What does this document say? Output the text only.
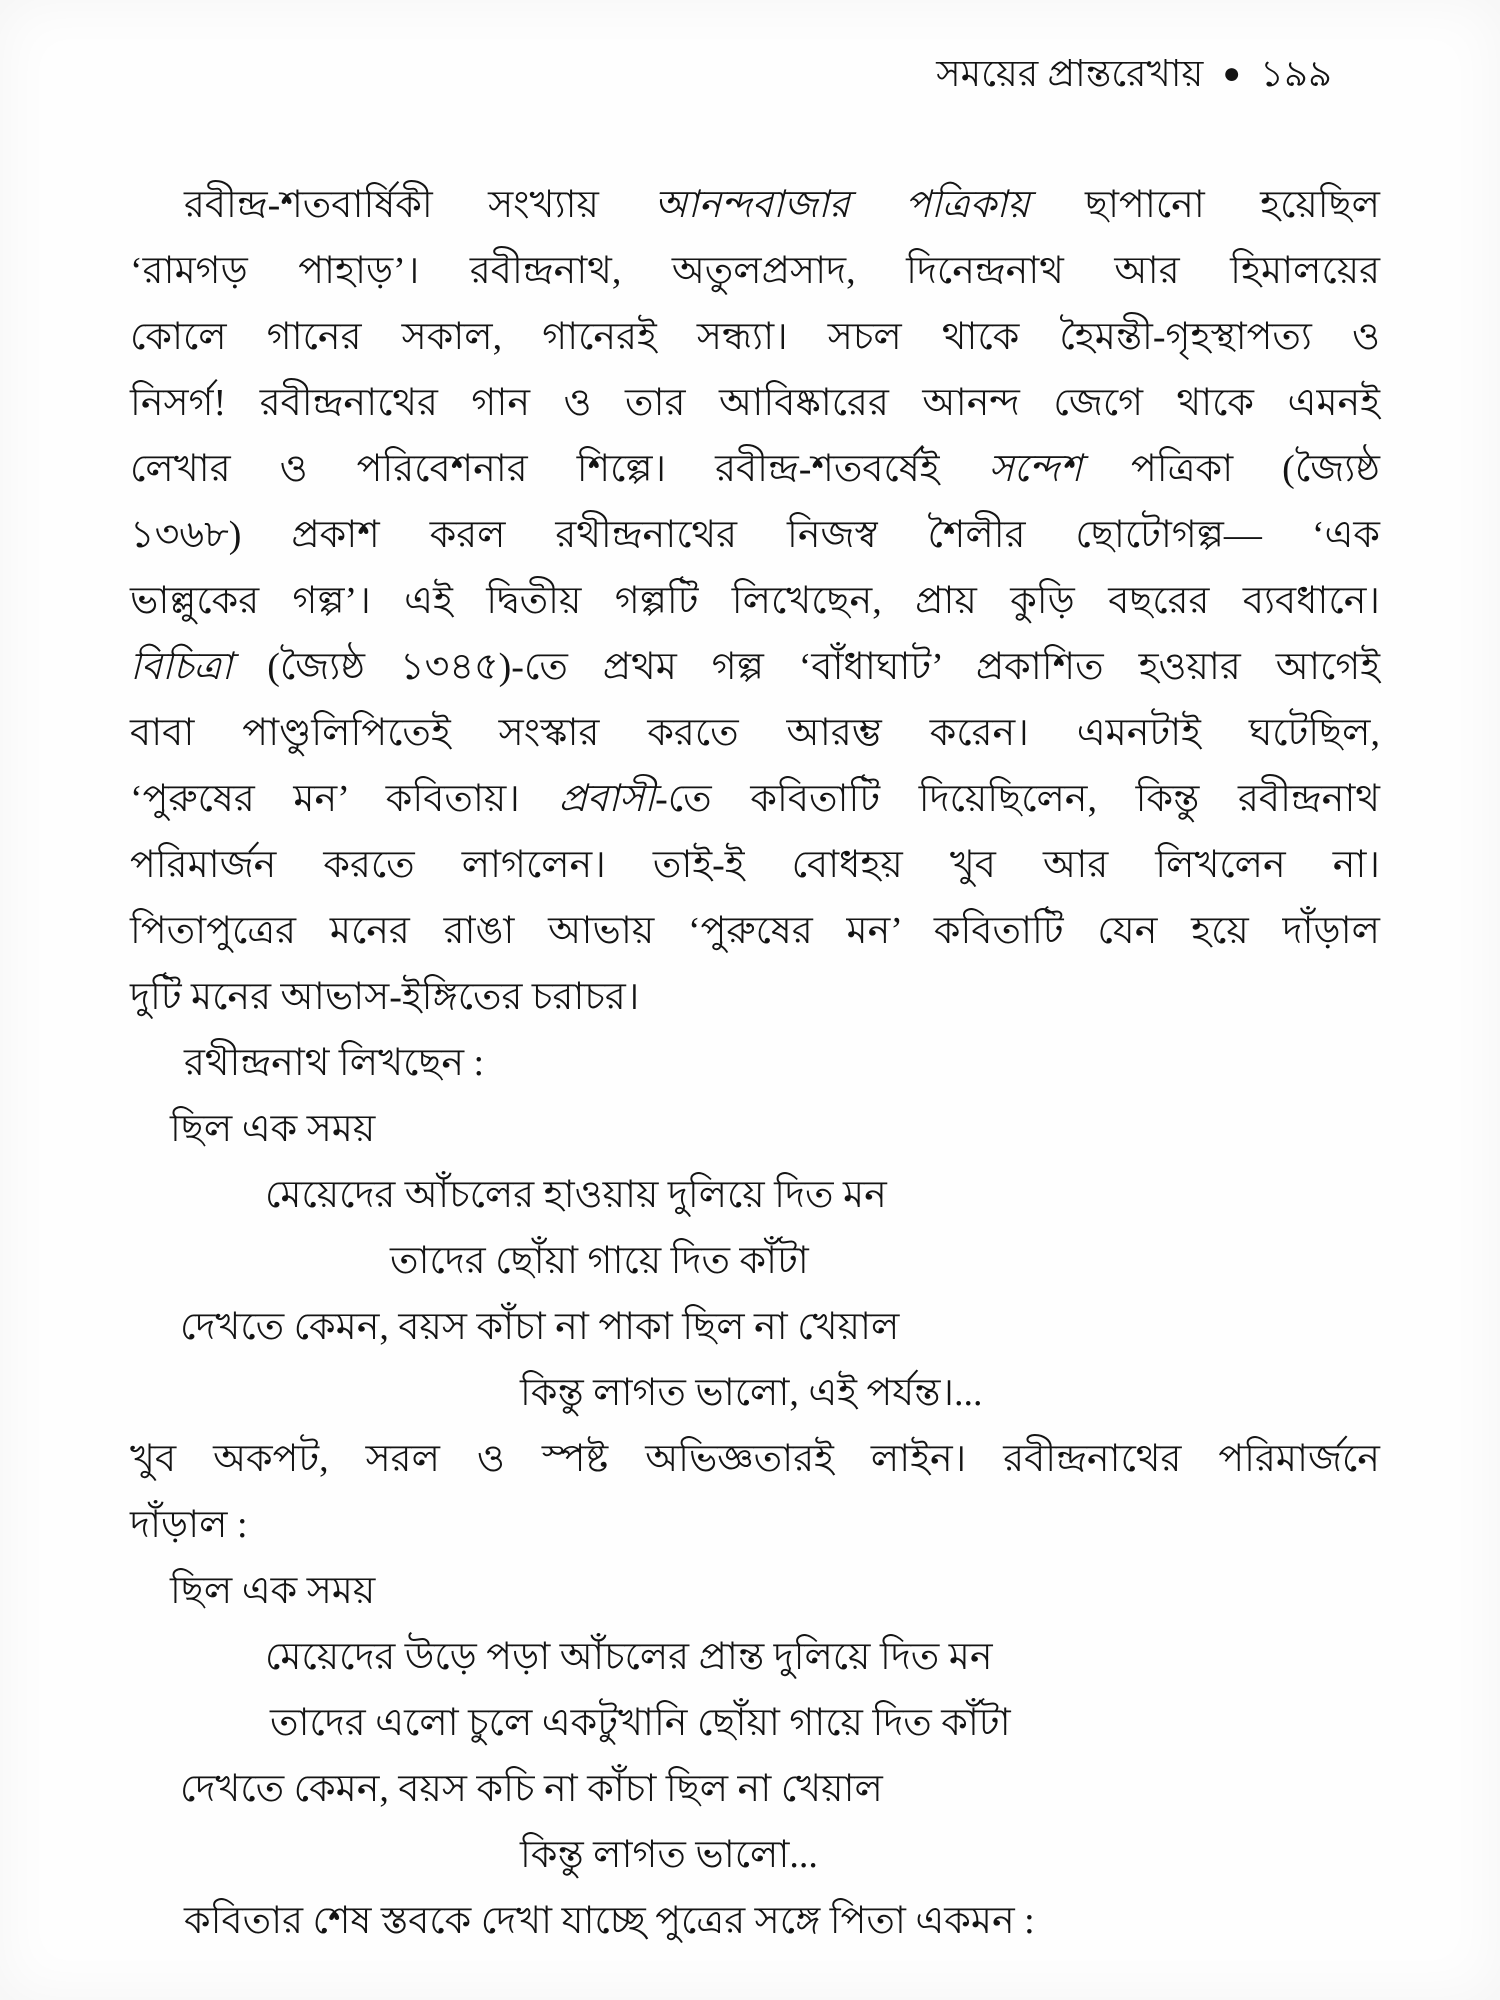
সময়ের প্রান্তরেখায় ● ১৯৯
রবীন্দ্র-শতবার্ষিকী সংখ্যায় আনন্দবাজার পত্রিকায় ছাপানো হয়েছিল
‘রামগড় পাহাড়’। রবীন্দ্রনাথ, অতুলপ্রসাদ, দিনেন্দ্রনাথ আর হিমালয়ের
কোলে গানের সকাল, গানেরই সন্ধ্যা। সচল থাকে হৈমন্তী-গৃহস্থাপত্য ও
নিসর্গ! রবীন্দ্রনাথের গান ও তার আবিষ্কারের আনন্দ জেগে থাকে এমনই
লেখার ও পরিবেশনার শিল্পে। রবীন্দ্র-শতবর্ষেই সন্দেশ পত্রিকা (জ্যৈষ্ঠ
১৩৬৮) প্রকাশ করল রথীন্দ্রনাথের নিজস্ব শৈলীর ছোটোগল্প— ‘এক
ভাল্লুকের গল্প’। এই দ্বিতীয় গল্পটি লিখেছেন, প্রায় কুড়ি বছরের ব্যবধানে।
বিচিত্রা (জ্যৈষ্ঠ ১৩৪৫)-তে প্রথম গল্প ‘বাঁধাঘাট’ প্রকাশিত হওয়ার আগেই
বাবা পাণ্ডুলিপিতেই সংস্কার করতে আরম্ভ করেন। এমনটাই ঘটেছিল,
‘পুরুষের মন’ কবিতায়। প্রবাসী-তে কবিতাটি দিয়েছিলেন, কিন্তু রবীন্দ্রনাথ
পরিমার্জন করতে লাগলেন। তাই-ই বোধহয় খুব আর লিখলেন না।
পিতাপুত্রের মনের রাঙা আভায় ‘পুরুষের মন’ কবিতাটি যেন হয়ে দাঁড়াল
দুটি মনের আভাস-ইঙ্গিতের চরাচর।
রথীন্দ্রনাথ লিখছেন :
ছিল এক সময়
মেয়েদের আঁচলের হাওয়ায় দুলিয়ে দিত মন
তাদের ছোঁয়া গায়ে দিত কাঁটা
দেখতে কেমন, বয়স কাঁচা না পাকা ছিল না খেয়াল
কিন্তু লাগত ভালো, এই পর্যন্ত।...
খুব অকপট, সরল ও স্পষ্ট অভিজ্ঞতারই লাইন। রবীন্দ্রনাথের পরিমার্জনে
দাঁড়াল :
ছিল এক সময়
মেয়েদের উড়ে পড়া আঁচলের প্রান্ত দুলিয়ে দিত মন
তাদের এলো চুলে একটুখানি ছোঁয়া গায়ে দিত কাঁটা
দেখতে কেমন, বয়স কচি না কাঁচা ছিল না খেয়াল
কিন্তু লাগত ভালো...
কবিতার শেষ স্তবকে দেখা যাচ্ছে পুত্রের সঙ্গে পিতা একমন :
